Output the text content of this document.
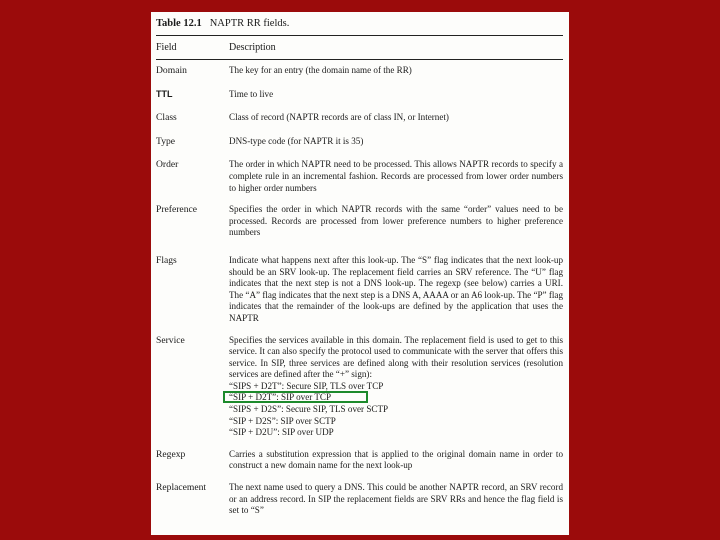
Table 12.1 NAPTR RR fields.
Field	Description
Domain	The key for an entry (the domain name of the RR)
TTL	Time to live
Class	Class of record (NAPTR records are of class IN, or Internet)
Type	DNS-type code (for NAPTR it is 35)
Order	The order in which NAPTR need to be processed. This allows NAPTR records to specify a complete rule in an incremental fashion. Records are processed from lower order numbers to higher order numbers
Preference	Specifies the order in which NAPTR records with the same “order” values need to be processed. Records are processed from lower preference numbers to higher preference numbers
Flags	Indicate what happens next after this look-up. The “S” flag indicates that the next look-up should be an SRV look-up. The replacement field carries an SRV reference. The “U” flag indicates that the next step is not a DNS look-up. The regexp (see below) carries a URI. The “A” flag indicates that the next step is a DNS A, AAAA or an A6 look-up. The “P” flag indicates that the remainder of the look-ups are defined by the application that uses the NAPTR
Service	Specifies the services available in this domain. The replacement field is used to get to this service. It can also specify the protocol used to communicate with the server that offers this service. In SIP, three services are defined along with their resolution services (resolution services are defined after the “+” sign):
“SIPS + D2T”: Secure SIP, TLS over TCP
“SIP + D2T”: SIP over TCP
“SIPS + D2S”: Secure SIP, TLS over SCTP
“SIP + D2S”: SIP over SCTP
“SIP + D2U”: SIP over UDP
Regexp	Carries a substitution expression that is applied to the original domain name in order to construct a new domain name for the next look-up
Replacement	The next name used to query a DNS. This could be another NAPTR record, an SRV record or an address record. In SIP the replacement fields are SRV RRs and hence the flag field is set to “S”
